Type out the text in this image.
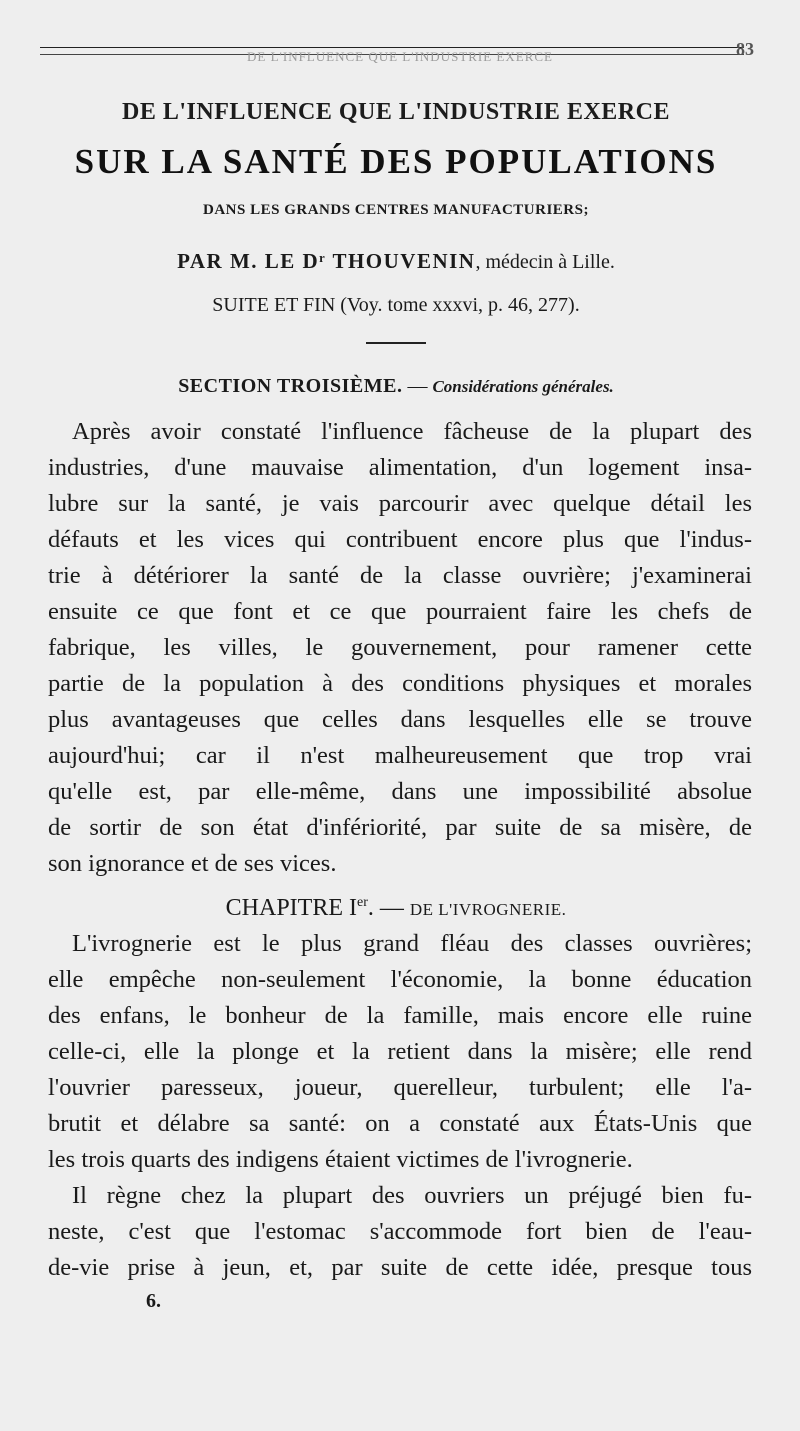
DE L'INFLUENCE QUE L'INDUSTRIE EXERCE	83
DE L'INFLUENCE QUE L'INDUSTRIE EXERCE
SUR LA SANTÉ DES POPULATIONS
DANS LES GRANDS CENTRES MANUFACTURIERS;
PAR M. LE Dʳ THOUVENIN, médecin à Lille.
SUITE ET FIN (Voy. tome xxxvi, p. 46, 277).
SECTION TROISIÈME. — Considérations générales.
Après avoir constaté l'influence fâcheuse de la plupart des
industries, d'une mauvaise alimentation, d'un logement insa-
lubre sur la santé, je vais parcourir avec quelque détail les
défauts et les vices qui contribuent encore plus que l'indus-
trie à détériorer la santé de la classe ouvrière; j'examinerai
ensuite ce que font et ce que pourraient faire les chefs de
fabrique, les villes, le gouvernement, pour ramener cette
partie de la population à des conditions physiques et morales
plus avantageuses que celles dans lesquelles elle se trouve
aujourd'hui; car il n'est malheureusement que trop vrai
qu'elle est, par elle-même, dans une impossibilité absolue
de sortir de son état d'infériorité, par suite de sa misère, de
son ignorance et de ses vices.
CHAPITRE Ier. — DE L'IVROGNERIE.
L'ivrognerie est le plus grand fléau des classes ouvrières;
elle empêche non-seulement l'économie, la bonne éducation
des enfans, le bonheur de la famille, mais encore elle ruine
celle-ci, elle la plonge et la retient dans la misère; elle rend
l'ouvrier paresseux, joueur, querelleur, turbulent; elle l'a-
brutit et délabre sa santé: on a constaté aux États-Unis que
les trois quarts des indigens étaient victimes de l'ivrognerie.
Il règne chez la plupart des ouvriers un préjugé bien fu-
neste, c'est que l'estomac s'accommode fort bien de l'eau-
de-vie prise à jeun, et, par suite de cette idée, presque tous
6.
